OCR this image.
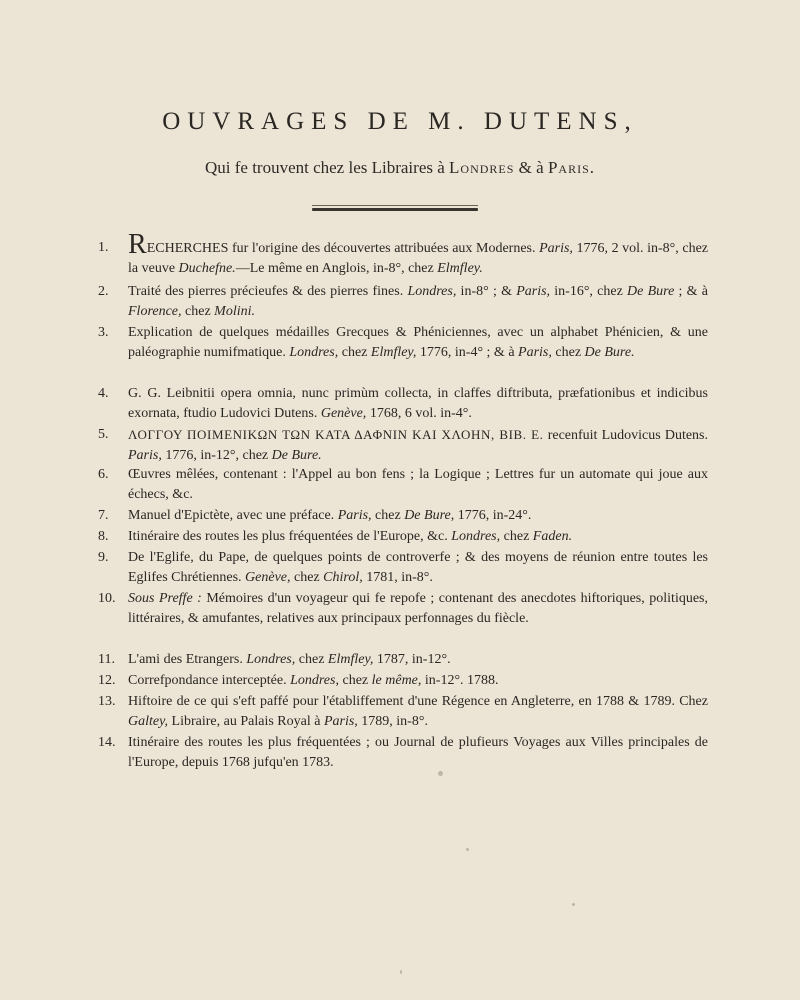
OUVRAGES DE M. DUTENS,
Qui fe trouvent chez les Libraires à Londres & à Paris.
1. RECHERCHES fur l'origine des découvertes attribuées aux Modernes. Paris, 1776, 2 vol. in-8°, chez la veuve Duchefne.—Le même en Anglois, in-8°, chez Elmfley.
2.	Traité des pierres précieufes & des pierres fines. Londres, in-8° ; & Paris, in-16°, chez De Bure ; & à Florence, chez Molini.
3.	Explication de quelques médailles Grecques & Phéniciennes, avec un alphabet Phénicien, & une paléographie numifmatique. Londres, chez Elmfley, 1776, in-4° ; & à Paris, chez De Bure.
4.	G. G. Leibnitii opera omnia, nunc primùm collecta, in claffes diftributa, præfationibus et indicibus exornata, ftudio Ludovici Dutens. Genève, 1768, 6 vol. in-4°.
5.	ΛΟΓΓΟΥ ΠΟΙΜΕΝΙΚΩΝ ΤΩΝ ΚΑΤΑ ΔΑΦΝΙΝ ΚΑΙ ΧΛΟΗΝ, ΒΙΒ. Ε. recenfuit Ludovicus Dutens. Paris, 1776, in-12°, chez De Bure.
6.	Œuvres mêlées, contenant : l'Appel au bon fens ; la Logique ; Lettres fur un automate qui joue aux échecs, &c.
7.	Manuel d'Epictète, avec une préface. Paris, chez De Bure, 1776, in-24°.
8.	Itinéraire des routes les plus fréquentées de l'Europe, &c. Londres, chez Faden.
9.	De l'Eglife, du Pape, de quelques points de controverfe ; & des moyens de réunion entre toutes les Eglifes Chrétiennes. Genève, chez Chirol, 1781, in-8°.
10. Sous Preffe : Mémoires d'un voyageur qui fe repofe ; contenant des anecdotes hiftoriques, politiques, littéraires, & amufantes, relatives aux principaux perfonnages du fiècle.
11. L'ami des Etrangers. Londres, chez Elmfley, 1787, in-12°.
12. Correfpondance interceptée. Londres, chez le même, in-12°. 1788.
13. Hiftoire de ce qui s'eft paffé pour l'établiffement d'une Régence en Angleterre, en 1788 & 1789. Chez Galtey, Libraire, au Palais Royal à Paris, 1789, in-8°.
14. Itinéraire des routes les plus fréquentées ; ou Journal de plufieurs Voyages aux Villes principales de l'Europe, depuis 1768 jufqu'en 1783.
